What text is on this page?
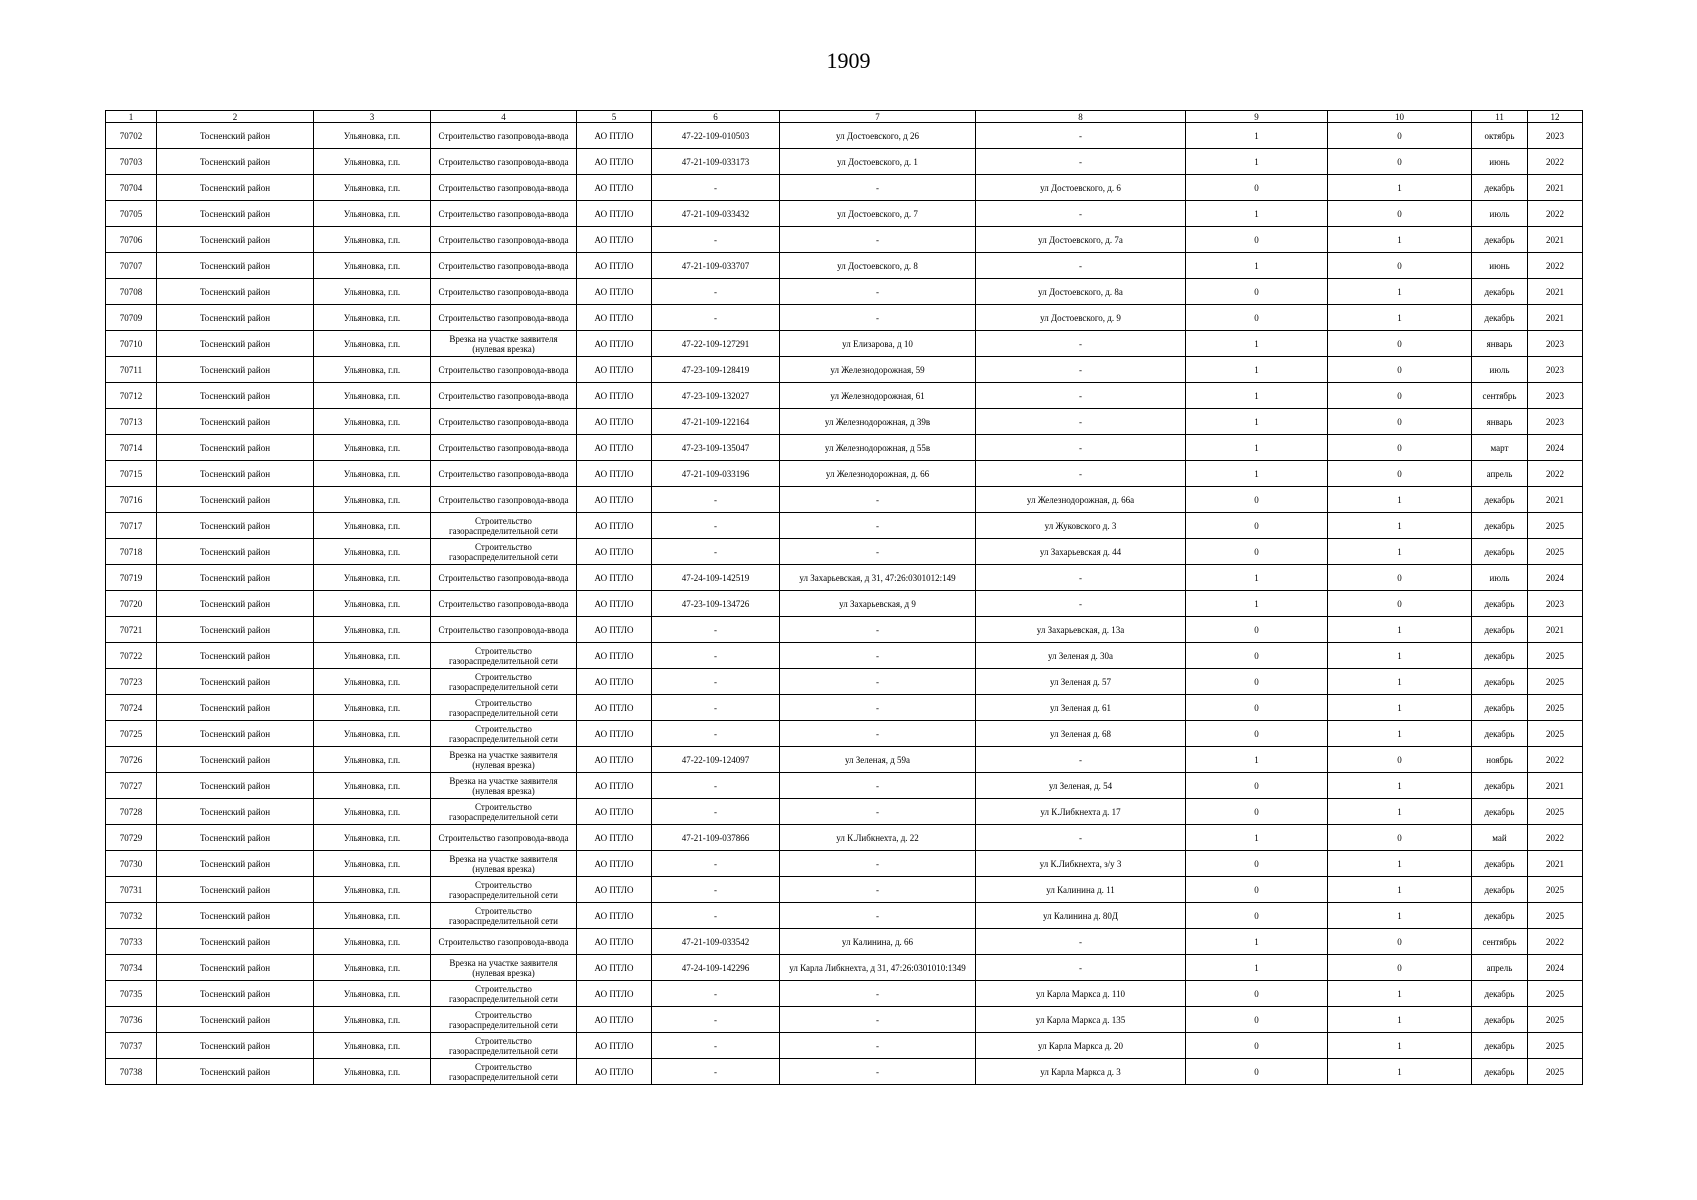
1909
1	2	3	4	5	6	7	8	9	10	11	12
70702	Тосненский район	Ульяновка, г.п.	Строительство газопровода-ввода	АО ПТЛО	47-22-109-010503	ул Достоевского, д 26	-	1	0	октябрь	2023
70703	Тосненский район	Ульяновка, г.п.	Строительство газопровода-ввода	АО ПТЛО	47-21-109-033173	ул Достоевского, д. 1	-	1	0	июнь	2022
70704	Тосненский район	Ульяновка, г.п.	Строительство газопровода-ввода	АО ПТЛО	-	-	ул Достоевского, д. 6	0	1	декабрь	2021
70705	Тосненский район	Ульяновка, г.п.	Строительство газопровода-ввода	АО ПТЛО	47-21-109-033432	ул Достоевского, д. 7	-	1	0	июль	2022
70706	Тосненский район	Ульяновка, г.п.	Строительство газопровода-ввода	АО ПТЛО	-	-	ул Достоевского, д. 7а	0	1	декабрь	2021
70707	Тосненский район	Ульяновка, г.п.	Строительство газопровода-ввода	АО ПТЛО	47-21-109-033707	ул Достоевского, д. 8	-	1	0	июнь	2022
70708	Тосненский район	Ульяновка, г.п.	Строительство газопровода-ввода	АО ПТЛО	-	-	ул Достоевского, д. 8а	0	1	декабрь	2021
70709	Тосненский район	Ульяновка, г.п.	Строительство газопровода-ввода	АО ПТЛО	-	-	ул Достоевского, д. 9	0	1	декабрь	2021
70710	Тосненский район	Ульяновка, г.п.	Врезка на участке заявителя (нулевая врезка)	АО ПТЛО	47-22-109-127291	ул Елизарова, д 10	-	1	0	январь	2023
70711	Тосненский район	Ульяновка, г.п.	Строительство газопровода-ввода	АО ПТЛО	47-23-109-128419	ул Железнодорожная, 59	-	1	0	июль	2023
70712	Тосненский район	Ульяновка, г.п.	Строительство газопровода-ввода	АО ПТЛО	47-23-109-132027	ул Железнодорожная, 61	-	1	0	сентябрь	2023
70713	Тосненский район	Ульяновка, г.п.	Строительство газопровода-ввода	АО ПТЛО	47-21-109-122164	ул Железнодорожная, д 39в	-	1	0	январь	2023
70714	Тосненский район	Ульяновка, г.п.	Строительство газопровода-ввода	АО ПТЛО	47-23-109-135047	ул Железнодорожная, д 55в	-	1	0	март	2024
70715	Тосненский район	Ульяновка, г.п.	Строительство газопровода-ввода	АО ПТЛО	47-21-109-033196	ул Железнодорожная, д. 66	-	1	0	апрель	2022
70716	Тосненский район	Ульяновка, г.п.	Строительство газопровода-ввода	АО ПТЛО	-	-	ул Железнодорожная, д. 66а	0	1	декабрь	2021
70717	Тосненский район	Ульяновка, г.п.	Строительство газораспределительной сети	АО ПТЛО	-	-	ул Жуковского д. 3	0	1	декабрь	2025
70718	Тосненский район	Ульяновка, г.п.	Строительство газораспределительной сети	АО ПТЛО	-	-	ул Захарьевская д. 44	0	1	декабрь	2025
70719	Тосненский район	Ульяновка, г.п.	Строительство газопровода-ввода	АО ПТЛО	47-24-109-142519	ул Захарьевская, д 31, 47:26:0301012:149	-	1	0	июль	2024
70720	Тосненский район	Ульяновка, г.п.	Строительство газопровода-ввода	АО ПТЛО	47-23-109-134726	ул Захарьевская, д 9	-	1	0	декабрь	2023
70721	Тосненский район	Ульяновка, г.п.	Строительство газопровода-ввода	АО ПТЛО	-	-	ул Захарьевская, д. 13а	0	1	декабрь	2021
70722	Тосненский район	Ульяновка, г.п.	Строительство газораспределительной сети	АО ПТЛО	-	-	ул Зеленая д. 30а	0	1	декабрь	2025
70723	Тосненский район	Ульяновка, г.п.	Строительство газораспределительной сети	АО ПТЛО	-	-	ул Зеленая д. 57	0	1	декабрь	2025
70724	Тосненский район	Ульяновка, г.п.	Строительство газораспределительной сети	АО ПТЛО	-	-	ул Зеленая д. 61	0	1	декабрь	2025
70725	Тосненский район	Ульяновка, г.п.	Строительство газораспределительной сети	АО ПТЛО	-	-	ул Зеленая д. 68	0	1	декабрь	2025
70726	Тосненский район	Ульяновка, г.п.	Врезка на участке заявителя (нулевая врезка)	АО ПТЛО	47-22-109-124097	ул Зеленая, д 59а	-	1	0	ноябрь	2022
70727	Тосненский район	Ульяновка, г.п.	Врезка на участке заявителя (нулевая врезка)	АО ПТЛО	-	-	ул Зеленая, д. 54	0	1	декабрь	2021
70728	Тосненский район	Ульяновка, г.п.	Строительство газораспределительной сети	АО ПТЛО	-	-	ул К.Либкнехта д. 17	0	1	декабрь	2025
70729	Тосненский район	Ульяновка, г.п.	Строительство газопровода-ввода	АО ПТЛО	47-21-109-037866	ул К.Либкнехта, д. 22	-	1	0	май	2022
70730	Тосненский район	Ульяновка, г.п.	Врезка на участке заявителя (нулевая врезка)	АО ПТЛО	-	-	ул К.Либкнехта, з/у 3	0	1	декабрь	2021
70731	Тосненский район	Ульяновка, г.п.	Строительство газораспределительной сети	АО ПТЛО	-	-	ул Калинина д. 11	0	1	декабрь	2025
70732	Тосненский район	Ульяновка, г.п.	Строительство газораспределительной сети	АО ПТЛО	-	-	ул Калинина д. 80Д	0	1	декабрь	2025
70733	Тосненский район	Ульяновка, г.п.	Строительство газопровода-ввода	АО ПТЛО	47-21-109-033542	ул Калинина, д. 66	-	1	0	сентябрь	2022
70734	Тосненский район	Ульяновка, г.п.	Врезка на участке заявителя (нулевая врезка)	АО ПТЛО	47-24-109-142296	ул Карла Либкнехта, д 31, 47:26:0301010:1349	-	1	0	апрель	2024
70735	Тосненский район	Ульяновка, г.п.	Строительство газораспределительной сети	АО ПТЛО	-	-	ул Карла Маркса д. 110	0	1	декабрь	2025
70736	Тосненский район	Ульяновка, г.п.	Строительство газораспределительной сети	АО ПТЛО	-	-	ул Карла Маркса д. 135	0	1	декабрь	2025
70737	Тосненский район	Ульяновка, г.п.	Строительство газораспределительной сети	АО ПТЛО	-	-	ул Карла Маркса д. 20	0	1	декабрь	2025
70738	Тосненский район	Ульяновка, г.п.	Строительство газораспределительной сети	АО ПТЛО	-	-	ул Карла Маркса д. 3	0	1	декабрь	2025
